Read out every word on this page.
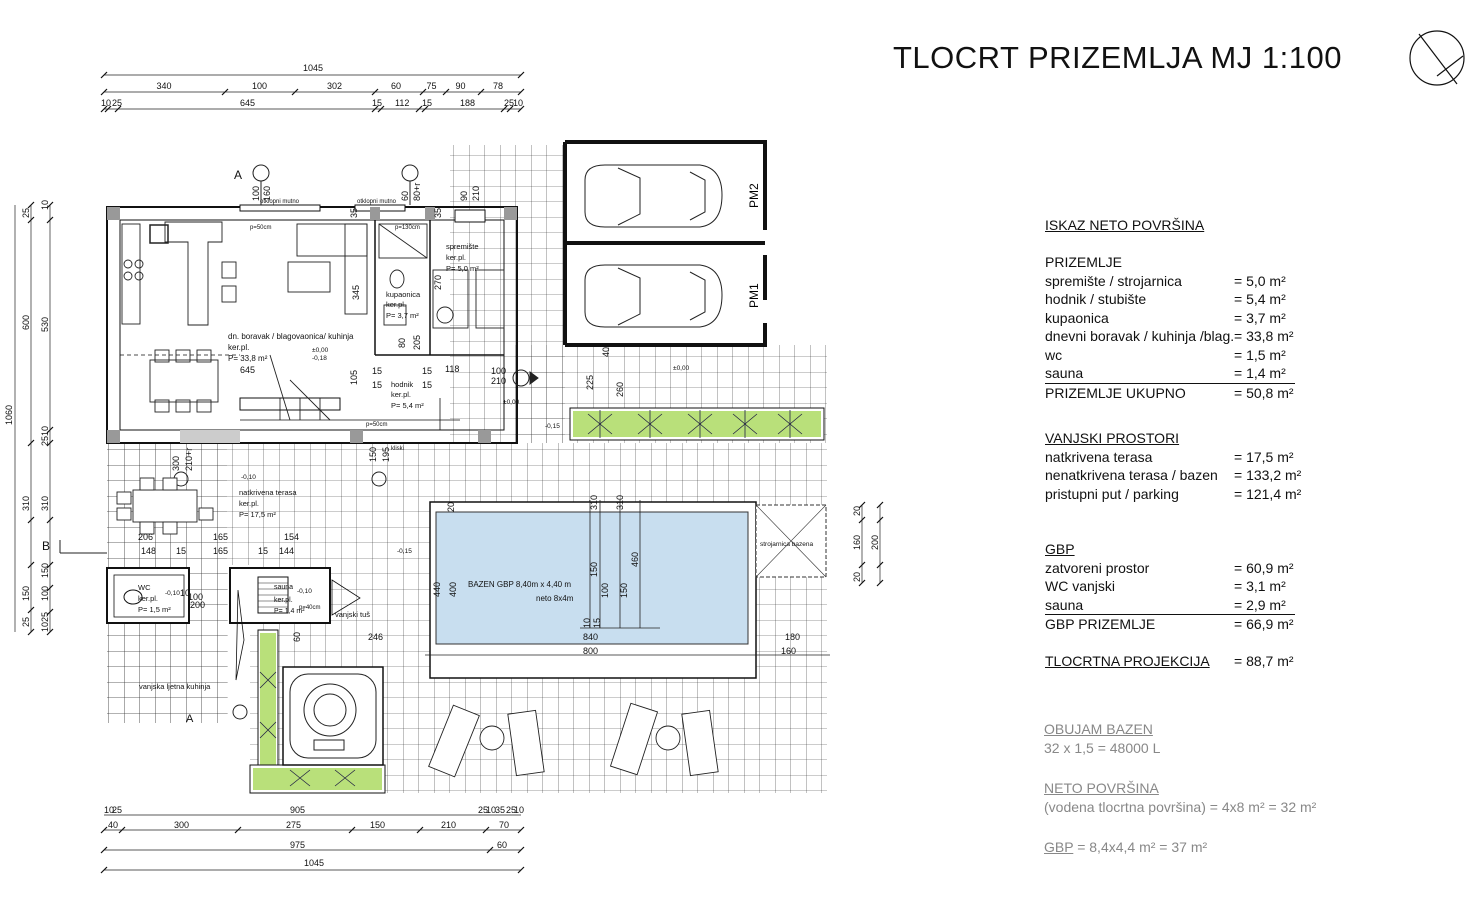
1045
1045
975	60
A
A
B
BAZEN GBP 8,40m x 4,40 m
neto 8x4m
800
840
dn. boravak / blagovaonica/ kuhinja
ker.pl.
P= 33,8 m²
kupaonica
ker.pl.
P= 3,7 m²
spremište
ker.pl.
P= 5,0 m²
hodnik
ker.pl.
P= 5,4 m²
natkrivena terasa
ker.pl.
P= 17,5 m²
WC
ker.pl.
P= 1,5 m²
sauna
ker.pl.
P= 1,4 m²	vanjski tuš
vanjska ljetna kuhinja
strojarnica bazena
otklopni mutno	otklopni mutno
p=50cm	p=130cm
p=50cm
p=40cm
kliski
±0,00
-0,18
±0,00
±0,00
-0,15
-0,15
-0,10
-0,10	-0,10
340	100	302	60	75 90	78
10 25	645	15 112 15	188	25
10
10
25	905	25
10
35 25
10
40	300	275	150	210	70
1060
25
600
310
150
25
10
530
10
25
310
150
100
25
10
20
160 200
20
440 400
150
100 150
460
310 310
10 15
20
180
160
100 160	60 80+r	90 210
35	35
270
345
80 205
118
105 15	15	100
210
40
225 260
300 210+r	150 195
206
148
165
165	144
154
100
10
246
60
200
645
15	15
15	15
PM2
PM1
TLOCRT PRIZEMLJA MJ 1:100
ISKAZ NETO POVRŠINA
PRIZEMLJE
spremište / strojarnica	= 5,0 m²
hodnik / stubište	= 5,4 m²
kupaonica	= 3,7 m²
dnevni boravak / kuhinja /blag. = 33,8 m²
wc	= 1,5 m²
sauna	= 1,4 m²
PRIZEMLJE UKUPNO	= 50,8 m²
VANJSKI PROSTORI
natkrivena terasa	= 17,5 m²
nenatkrivena terasa / bazen = 133,2 m²
pristupni put / parking	= 121,4 m²
GBP
zatvoreni prostor	= 60,9 m²
WC vanjski	= 3,1 m²
sauna	= 2,9 m²
GBP PRIZEMLJE	= 66,9 m²
TLOCRTNA PROJEKCIJA = 88,7 m²
OBUJAM BAZEN
32 x 1,5 = 48000 L
NETO POVRŠINA
(vodena tlocrtna površina) = 4x8 m² = 32 m²
GBP = 8,4x4,4 m² = 37 m²
